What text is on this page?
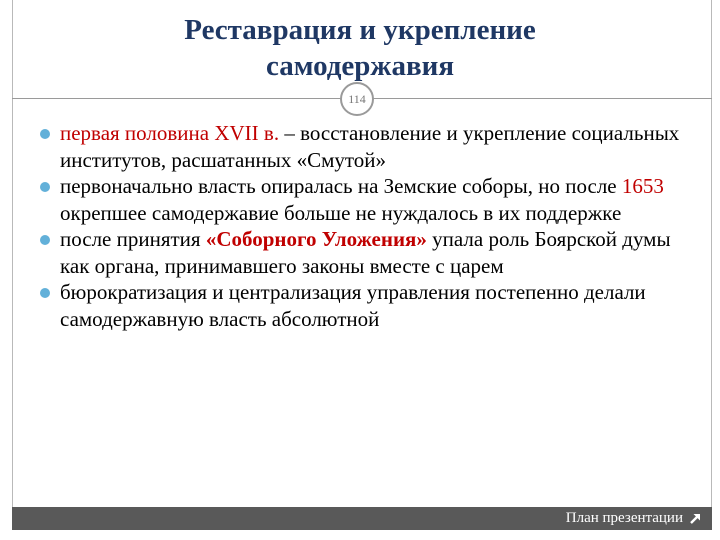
Реставрация и укрепление
самодержавия
114
первая половина XVII в. – восстановление и укрепление социальных институтов, расшатанных «Смутой»
первоначально власть опиралась на Земские соборы, но после 1653 окрепшее самодержавие больше не нуждалось в их поддержке
после принятия «Соборного Уложения» упала роль Боярской думы как органа, принимавшего законы вместе с царем
бюрократизация и централизация управления постепенно делали самодержавную власть абсолютной
План презентации
